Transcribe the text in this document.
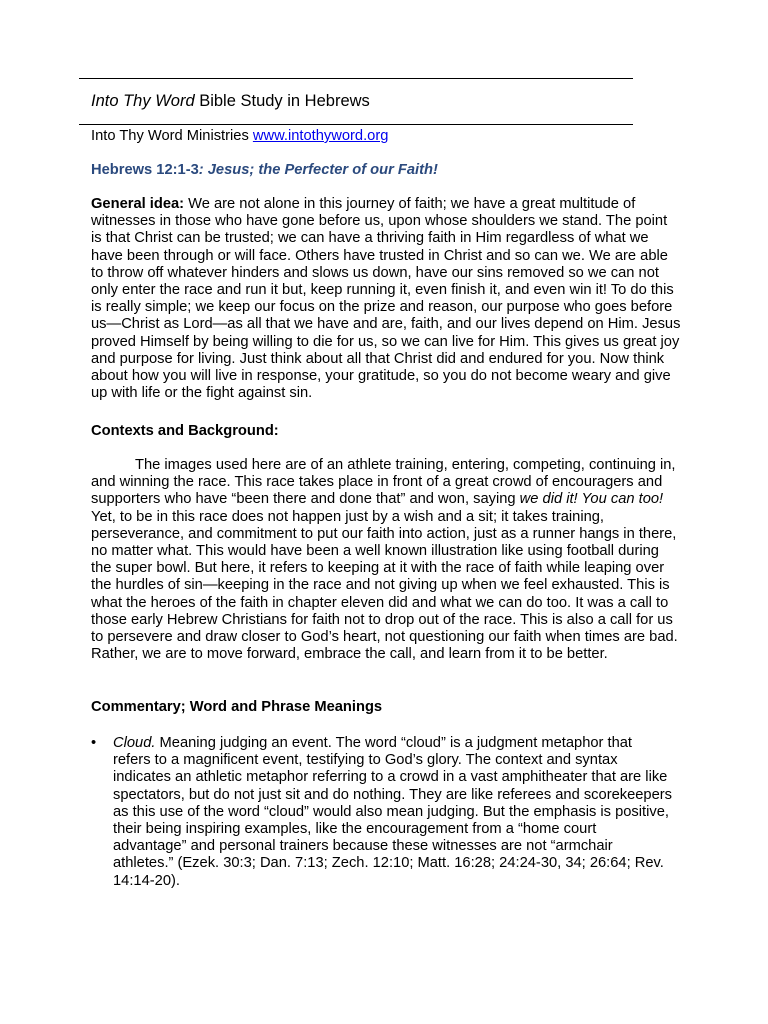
Into Thy Word Bible Study in Hebrews
Into Thy Word Ministries www.intothyword.org
Hebrews 12:1-3: Jesus; the Perfecter of our Faith!
General idea: We are not alone in this journey of faith; we have a great multitude of witnesses in those who have gone before us, upon whose shoulders we stand. The point is that Christ can be trusted; we can have a thriving faith in Him regardless of what we have been through or will face. Others have trusted in Christ and so can we. We are able to throw off whatever hinders and slows us down, have our sins removed so we can not only enter the race and run it but, keep running it, even finish it, and even win it! To do this is really simple; we keep our focus on the prize and reason, our purpose who goes before us—Christ as Lord—as all that we have and are, faith, and our lives depend on Him. Jesus proved Himself by being willing to die for us, so we can live for Him. This gives us great joy and purpose for living. Just think about all that Christ did and endured for you. Now think about how you will live in response, your gratitude, so you do not become weary and give up with life or the fight against sin.
Contexts and Background:
The images used here are of an athlete training, entering, competing, continuing in, and winning the race. This race takes place in front of a great crowd of encouragers and supporters who have “been there and done that” and won, saying we did it! You can too! Yet, to be in this race does not happen just by a wish and a sit; it takes training, perseverance, and commitment to put our faith into action, just as a runner hangs in there, no matter what. This would have been a well known illustration like using football during the super bowl. But here, it refers to keeping at it with the race of faith while leaping over the hurdles of sin—keeping in the race and not giving up when we feel exhausted. This is what the heroes of the faith in chapter eleven did and what we can do too. It was a call to those early Hebrew Christians for faith not to drop out of the race. This is also a call for us to persevere and draw closer to God’s heart, not questioning our faith when times are bad. Rather, we are to move forward, embrace the call, and learn from it to be better.
Commentary; Word and Phrase Meanings
• Cloud. Meaning judging an event. The word “cloud” is a judgment metaphor that refers to a magnificent event, testifying to God’s glory. The context and syntax indicates an athletic metaphor referring to a crowd in a vast amphitheater that are like spectators, but do not just sit and do nothing. They are like referees and scorekeepers as this use of the word “cloud” would also mean judging. But the emphasis is positive, their being inspiring examples, like the encouragement from a “home court advantage” and personal trainers because these witnesses are not “armchair athletes.” (Ezek. 30:3; Dan. 7:13; Zech. 12:10; Matt. 16:28; 24:24-30, 34; 26:64; Rev. 14:14-20).
